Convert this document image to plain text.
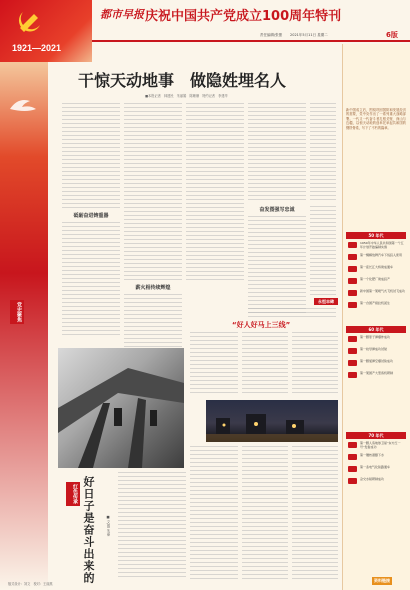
1921—2021
都市早报 庆祝中国共产党成立100周年特刊
6版
责任编辑/张蕾 2021年5月11日 星期二
党史聚焦
红色传承
干惊天动地事　做隐姓埋名人
■本报记者　林建民　朱丽娟　陈珊珊　特约记者　李建华
砥砺奋进铸重器
薪火相传续辉煌
奋发图强写忠诚
永恒丰碑
“好人好马上三线”
好日子是奋斗出来的	■ 文/图 朱丽
新中国成立后，围绕巩固国防和发展经济的需要，党中央作出了一系列重大战略部署。一代又一代奋斗者扎根戈壁、深山与边疆，以惊天动地的创举托举起共和国的钢铁脊梁，写下了不朽的篇章。
50 年代
1950年中华人民共和国第一个五年计划开始编制实施
第一辆解放牌汽车下线投入使用
第一座长江大桥建成通车
第一个化肥厂建成投产
新中国第一架喷气式飞机试飞成功
第一台国产拖拉机诞生
60 年代
第一颗原子弹爆炸成功
第一枚导弹成功试射
第一颗氢弹空爆试验成功
第一架国产大型客机研制
70 年代
第一颗人造地球卫星“东方红一号”发射成功
第一艘核潜艇下水
第一条电气化铁路通车
杂交水稻研制成功
资料链接
版式设计：刘文　校对：王丽燕
